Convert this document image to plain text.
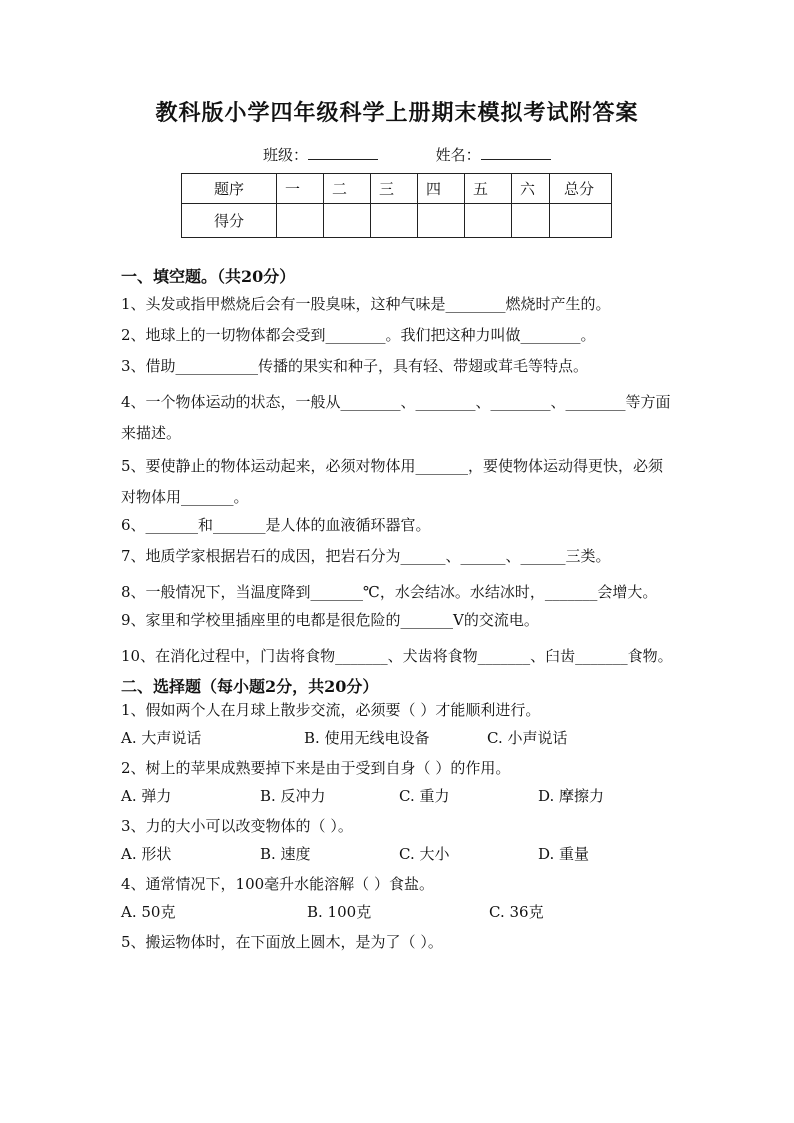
教科版小学四年级科学上册期末模拟考试附答案
班级：	姓名：
题序	一	二	三	四	五	六	总分
得分							
一、填空题。（共20分）
1、头发或指甲燃烧后会有一股臭味，这种气味是________燃烧时产生的。
2、地球上的一切物体都会受到________。我们把这种力叫做________。
3、借助___________传播的果实和种子，具有轻、带翅或茸毛等特点。
4、一个物体运动的状态，一般从________、________、________、________等方面来描述。
5、要使静止的物体运动起来，必须对物体用_______，要使物体运动得更快，必须对物体用_______。
6、_______和_______是人体的血液循环器官。
7、地质学家根据岩石的成因，把岩石分为______、______、______三类。
8、一般情况下，当温度降到_______℃，水会结冰。水结冰时，_______会增大。
9、家里和学校里插座里的电都是很危险的_______V的交流电。
10、在消化过程中，门齿将食物_______、犬齿将食物_______、臼齿_______食物。
二、选择题（每小题2分，共20分）
1、假如两个人在月球上散步交流，必须要（ ）才能顺利进行。
A. 大声说话	B. 使用无线电设备	C. 小声说话
2、树上的苹果成熟要掉下来是由于受到自身（ ）的作用。
A. 弹力	B. 反冲力	C. 重力	D. 摩擦力
3、力的大小可以改变物体的（ ）。
A. 形状	B. 速度	C. 大小	D. 重量
4、通常情况下，100毫升水能溶解（ ）食盐。
A. 50克	B. 100克	C. 36克
5、搬运物体时，在下面放上圆木，是为了（ ）。
